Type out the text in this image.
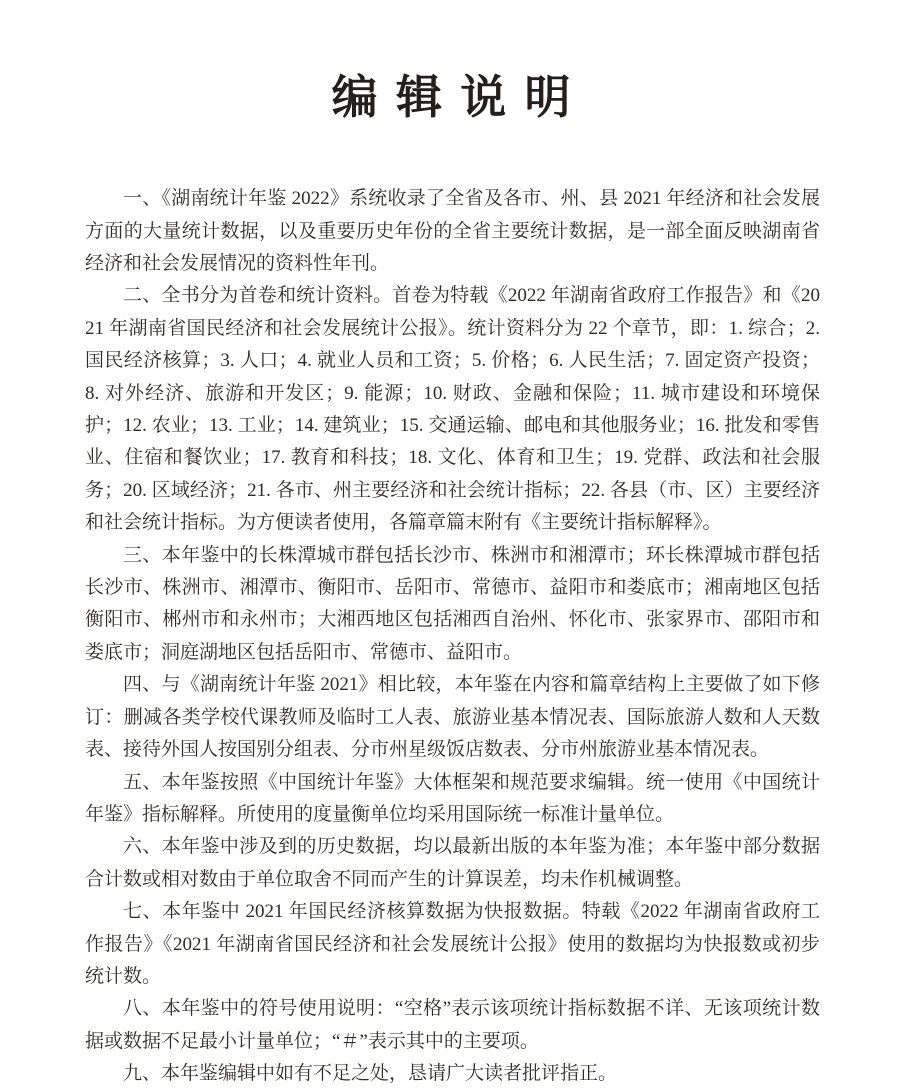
编 辑 说 明

一、《湖南统计年鉴 2022》系统收录了全省及各市、州、县 2021 年经济和社会发展方面的大量统计数据，以及重要历史年份的全省主要统计数据，是一部全面反映湖南省经济和社会发展情况的资料性年刊。

二、全书分为首卷和统计资料。首卷为特载《2022 年湖南省政府工作报告》和《2021 年湖南省国民经济和社会发展统计公报》。统计资料分为 22 个章节，即：1. 综合；2. 国民经济核算；3. 人口；4. 就业人员和工资；5. 价格；6. 人民生活；7. 固定资产投资；8. 对外经济、旅游和开发区；9. 能源；10. 财政、金融和保险；11. 城市建设和环境保护；12. 农业；13. 工业；14. 建筑业；15. 交通运输、邮电和其他服务业；16. 批发和零售业、住宿和餐饮业；17. 教育和科技；18. 文化、体育和卫生；19. 党群、政法和社会服务；20. 区域经济；21. 各市、州主要经济和社会统计指标；22. 各县（市、区）主要经济和社会统计指标。为方便读者使用，各篇章篇末附有《主要统计指标解释》。

三、本年鉴中的长株潭城市群包括长沙市、株洲市和湘潭市；环长株潭城市群包括长沙市、株洲市、湘潭市、衡阳市、岳阳市、常德市、益阳市和娄底市；湘南地区包括衡阳市、郴州市和永州市；大湘西地区包括湘西自治州、怀化市、张家界市、邵阳市和娄底市；洞庭湖地区包括岳阳市、常德市、益阳市。

四、与《湖南统计年鉴 2021》相比较，本年鉴在内容和篇章结构上主要做了如下修订：删减各类学校代课教师及临时工人表、旅游业基本情况表、国际旅游人数和人天数表、接待外国人按国别分组表、分市州星级饭店数表、分市州旅游业基本情况表。

五、本年鉴按照《中国统计年鉴》大体框架和规范要求编辑。统一使用《中国统计年鉴》指标解释。所使用的度量衡单位均采用国际统一标准计量单位。

六、本年鉴中涉及到的历史数据，均以最新出版的本年鉴为准；本年鉴中部分数据合计数或相对数由于单位取舍不同而产生的计算误差，均未作机械调整。

七、本年鉴中 2021 年国民经济核算数据为快报数据。特载《2022 年湖南省政府工作报告》《2021 年湖南省国民经济和社会发展统计公报》使用的数据均为快报数或初步统计数。

八、本年鉴中的符号使用说明：“空格”表示该项统计指标数据不详、无该项统计数据或数据不足最小计量单位；“＃”表示其中的主要项。

九、本年鉴编辑中如有不足之处，恳请广大读者批评指正。
